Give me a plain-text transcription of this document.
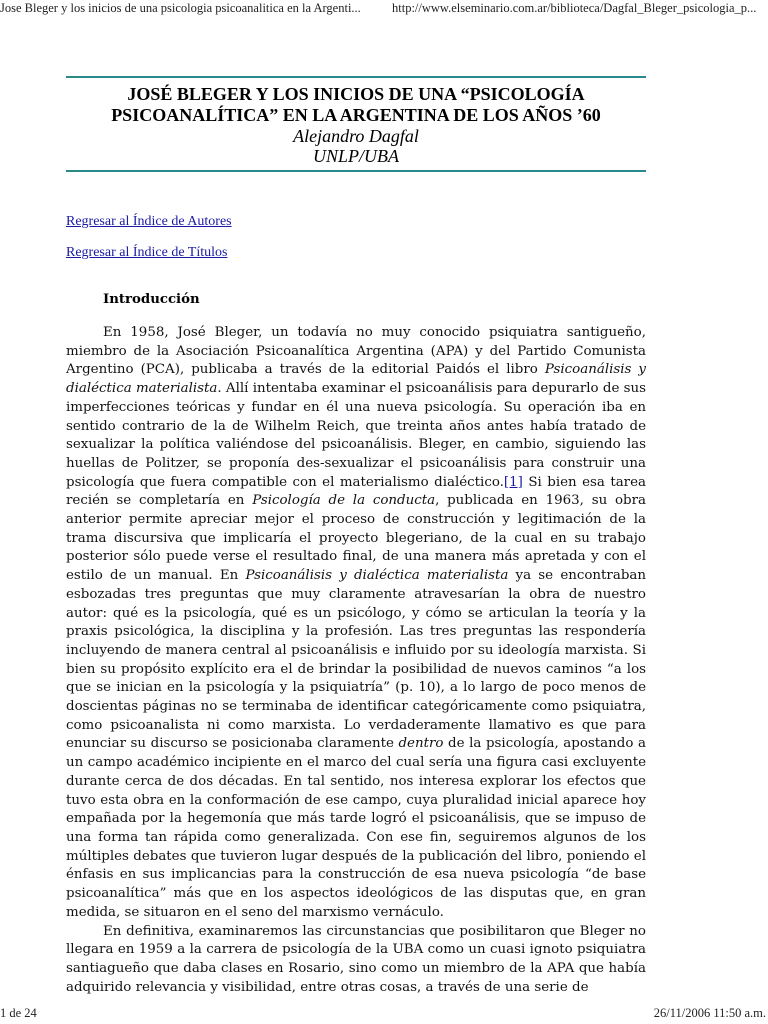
Jose Bleger y los inicios de una psicologia psicoanalitica en la Argenti...	http://www.elseminario.com.ar/biblioteca/Dagfal_Bleger_psicologia_p...
JOSÉ BLEGER Y LOS INICIOS DE UNA “PSICOLOGÍA
PSICOANALÍTICA” EN LA ARGENTINA DE LOS AÑOS ’60
Alejandro Dagfal
UNLP/UBA
Regresar al Índice de Autores
Regresar al Índice de Títulos
Introducción

En 1958, José Bleger, un todavía no muy conocido psiquiatra santigueño, miembro de la Asociación Psicoanalítica Argentina (APA) y del Partido Comunista Argentino (PCA), publicaba a través de la editorial Paidós el libro Psicoanálisis y dialéctica materialista. Allí intentaba examinar el psicoanálisis para depurarlo de sus imperfecciones teóricas y fundar en él una nueva psicología. Su operación iba en sentido contrario de la de Wilhelm Reich, que treinta años antes había tratado de sexualizar la política valiéndose del psicoanálisis. Bleger, en cambio, siguiendo las huellas de Politzer, se proponía des-sexualizar el psicoanálisis para construir una psicología que fuera compatible con el materialismo dialéctico.[1] Si bien esa tarea recién se completaría en Psicología de la conducta, publicada en 1963, su obra anterior permite apreciar mejor el proceso de construcción y legitimación de la trama discursiva que implicaría el proyecto blegeriano, de la cual en su trabajo posterior sólo puede verse el resultado final, de una manera más apretada y con el estilo de un manual. En Psicoanálisis y dialéctica materialista ya se encontraban esbozadas tres preguntas que muy claramente atravesarían la obra de nuestro autor: qué es la psicología, qué es un psicólogo, y cómo se articulan la teoría y la praxis psicológica, la disciplina y la profesión. Las tres preguntas las respondería incluyendo de manera central al psicoanálisis e influido por su ideología marxista. Si bien su propósito explícito era el de brindar la posibilidad de nuevos caminos “a los que se inician en la psicología y la psiquiatría” (p. 10), a lo largo de poco menos de doscientas páginas no se terminaba de identificar categóricamente como psiquiatra, como psicoanalista ni como marxista. Lo verdaderamente llamativo es que para enunciar su discurso se posicionaba claramente dentro de la psicología, apostando a un campo académico incipiente en el marco del cual sería una figura casi excluyente durante cerca de dos décadas. En tal sentido, nos interesa explorar los efectos que tuvo esta obra en la conformación de ese campo, cuya pluralidad inicial aparece hoy empañada por la hegemonía que más tarde logró el psicoanálisis, que se impuso de una forma tan rápida como generalizada. Con ese fin, seguiremos algunos de los múltiples debates que tuvieron lugar después de la publicación del libro, poniendo el énfasis en sus implicancias para la construcción de esa nueva psicología “de base psicoanalítica” más que en los aspectos ideológicos de las disputas que, en gran medida, se situaron en el seno del marxismo vernáculo.

En definitiva, examinaremos las circunstancias que posibilitaron que Bleger no llegara en 1959 a la carrera de psicología de la UBA como un cuasi ignoto psiquiatra santiagueño que daba clases en Rosario, sino como un miembro de la APA que había adquirido relevancia y visibilidad, entre otras cosas, a través de una serie de

1 de 24	26/11/2006 11:50 a.m.
